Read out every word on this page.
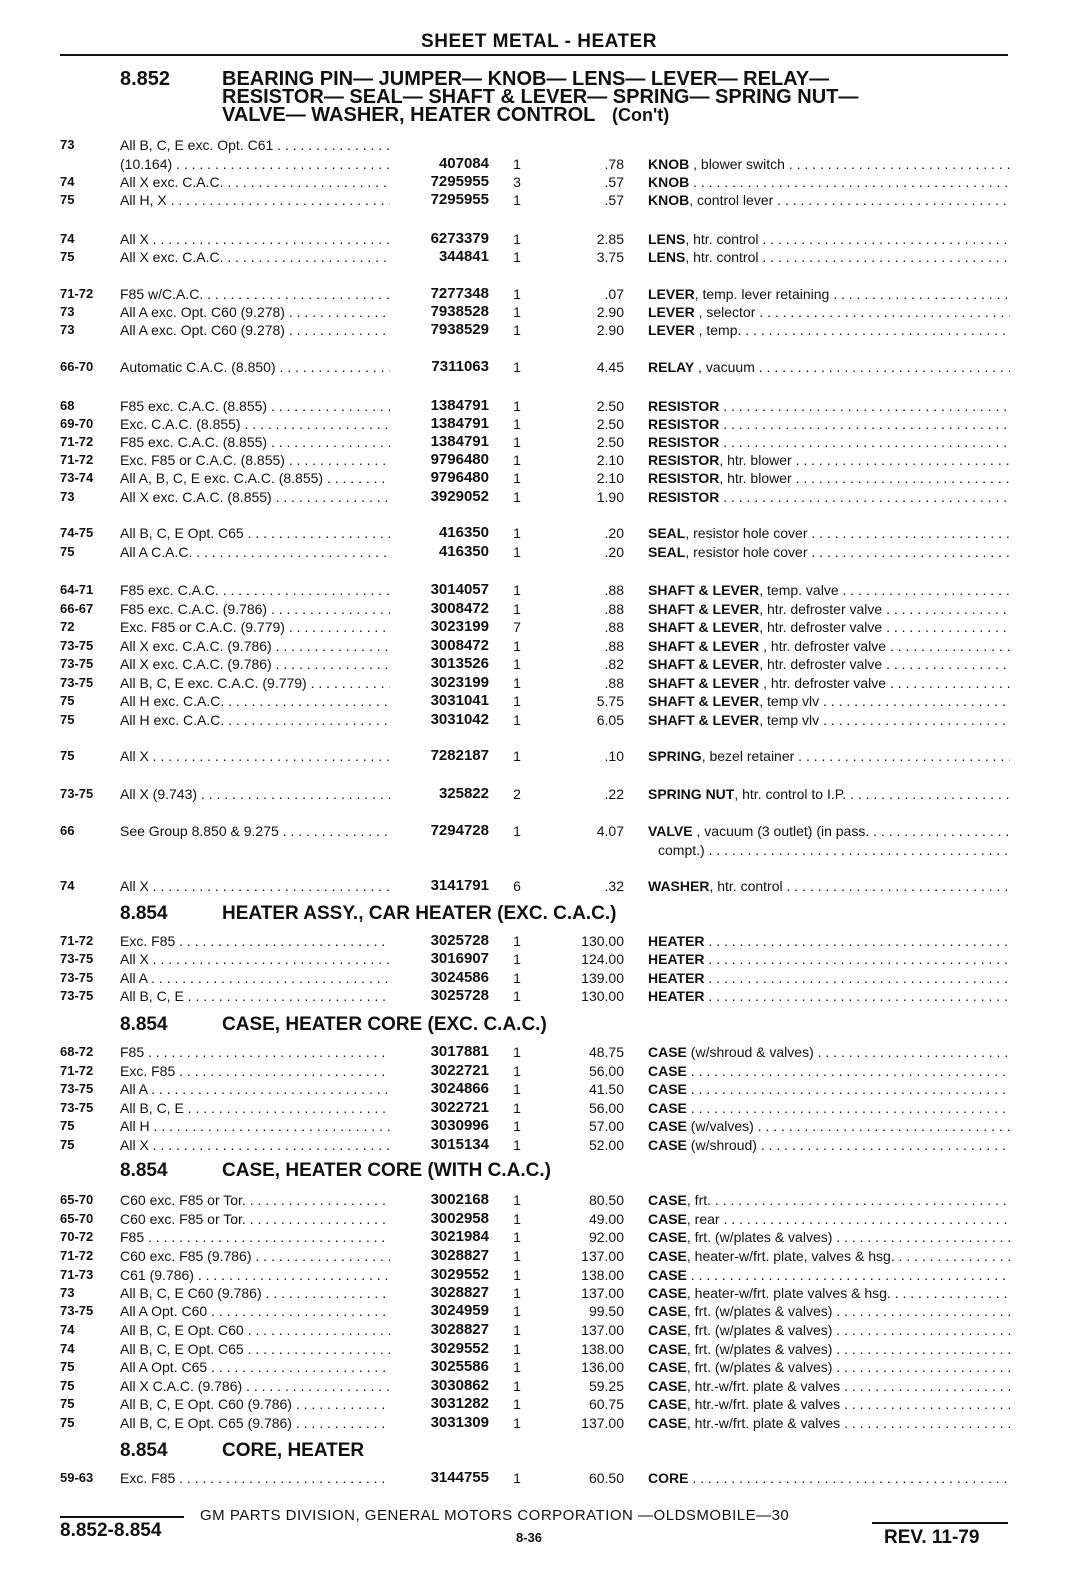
SHEET METAL - HEATER
8.852	BEARING PIN— JUMPER— KNOB— LENS— LEVER— RELAY—
RESISTOR— SEAL— SHAFT & LEVER— SPRING— SPRING NUT—
VALVE— WASHER, HEATER CONTROL (Con't)
73	All B, C, E exc. Opt. C61 . . .
(10.164) . . .	407084 1	.78 KNOB , blower switch . . .
74	All X exc. C.A.C. . . .	7295955 3	.57 KNOB . . .
75	All H, X . . .	7295955 1	.57 KNOB, control lever . . .
74	All X . . .	6273379 1	2.85 LENS, htr. control . . .
75	All X exc. C.A.C. . . .	344841 1	3.75 LENS, htr. control . . .
71-72 F85 w/C.A.C. . . .	7277348 1	.07 LEVER, temp. lever retaining . . .
73	All A exc. Opt. C60 (9.278) . . .	7938528 1	2.90 LEVER , selector . . .
73	All A exc. Opt. C60 (9.278) . . .	7938529 1	2.90 LEVER , temp. . . .
66-70 Automatic C.A.C. (8.850) . . .	7311063 1	4.45 RELAY , vacuum . . .
68	F85 exc. C.A.C. (8.855) . . .	1384791 1	2.50 RESISTOR . . .
69-70 Exc. C.A.C. (8.855) . . .	1384791 1	2.50 RESISTOR . . .
71-72 F85 exc. C.A.C. (8.855) . . .	1384791 1	2.50 RESISTOR . . .
71-72 Exc. F85 or C.A.C. (8.855) . . .	9796480 1	2.10 RESISTOR, htr. blower . . .
73-74 All A, B, C, E exc. C.A.C. (8.855) . . .	9796480 1	2.10 RESISTOR, htr. blower . . .
73	All X exc. C.A.C. (8.855) . . .	3929052 1	1.90 RESISTOR . . .
74-75 All B, C, E Opt. C65 . . .	416350 1	.20 SEAL, resistor hole cover . . .
75	All A C.A.C. . . .	416350 1	.20 SEAL, resistor hole cover . . .
64-71 F85 exc. C.A.C. . . .	3014057 1	.88 SHAFT & LEVER, temp. valve . . .
66-67 F85 exc. C.A.C. (9.786) . . .	3008472 1	.88 SHAFT & LEVER, htr. defroster valve . . .
72	Exc. F85 or C.A.C. (9.779) . . .	3023199 7	.88 SHAFT & LEVER, htr. defroster valve . . .
73-75 All X exc. C.A.C. (9.786) . . .	3008472 1	.88 SHAFT & LEVER , htr. defroster valve . . .
73-75 All X exc. C.A.C. (9.786) . . .	3013526 1	.82 SHAFT & LEVER, htr. defroster valve . . .
73-75 All B, C, E exc. C.A.C. (9.779) . . .	3023199 1	.88 SHAFT & LEVER , htr. defroster valve . . .
75	All H exc. C.A.C. . . .	3031041 1	5.75 SHAFT & LEVER, temp vlv . . .
75	All H exc. C.A.C. . . .	3031042 1	6.05 SHAFT & LEVER, temp vlv . . .
75	All X . . .	7282187 1	.10 SPRING, bezel retainer . . .
73-75 All X (9.743) . . .	325822 2	.22 SPRING NUT, htr. control to I.P. . . .
66	See Group 8.850 & 9.275 . . .	7294728 1	4.07 VALVE , vacuum (3 outlet) (in pass. . . .
compt.) . . .
74	All X . . .	3141791 6	.32 WASHER, htr. control . . .
8.854	HEATER ASSY., CAR HEATER (EXC. C.A.C.)
71-72 Exc. F85 . . .	3025728 1	130.00 HEATER . . .
73-75 All X . . .	3016907 1	124.00 HEATER . . .
73-75 All A . . .	3024586 1	139.00 HEATER . . .
73-75 All B, C, E . . .	3025728 1	130.00 HEATER . . .
8.854	CASE, HEATER CORE (EXC. C.A.C.)
68-72 F85 . . .	3017881 1	48.75 CASE (w/shroud & valves) . . .
71-72 Exc. F85 . . .	3022721 1	56.00 CASE . . .
73-75 All A . . .	3024866 1	41.50 CASE . . .
73-75 All B, C, E . . .	3022721 1	56.00 CASE . . .
75	All H . . .	3030996 1	57.00 CASE (w/valves) . . .
75	All X . . .	3015134 1	52.00 CASE (w/shroud) . . .
8.854	CASE, HEATER CORE (WITH C.A.C.)
65-70 C60 exc. F85 or Tor. . . .	3002168 1	80.50 CASE, frt. . . .
65-70 C60 exc. F85 or Tor. . . .	3002958 1	49.00 CASE, rear . . .
70-72 F85 . . .	3021984 1	92.00 CASE, frt. (w/plates & valves) . . .
71-72 C60 exc. F85 (9.786) . . .	3028827 1	137.00 CASE, heater-w/frt. plate, valves & hsg. . . .
71-73 C61 (9.786) . . .	3029552 1	138.00 CASE . . .
73	All B, C, E C60 (9.786) . . .	3028827 1	137.00 CASE, heater-w/frt. plate valves & hsg. . . .
73-75 All A Opt. C60 . . .	3024959 1	99.50 CASE, frt. (w/plates & valves) . . .
74	All B, C, E Opt. C60 . . .	3028827 1	137.00 CASE, frt. (w/plates & valves) . . .
74	All B, C, E Opt. C65 . . .	3029552 1	138.00 CASE, frt. (w/plates & valves) . . .
75	All A Opt. C65 . . .	3025586 1	136.00 CASE, frt. (w/plates & valves) . . .
75	All X C.A.C. (9.786) . . .	3030862 1	59.25 CASE, htr.-w/frt. plate & valves . . .
75	All B, C, E Opt. C60 (9.786) . . .	3031282 1	60.75 CASE, htr.-w/frt. plate & valves . . .
75	All B, C, E Opt. C65 (9.786) . . .	3031309 1	137.00 CASE, htr.-w/frt. plate & valves . . .
8.854	CORE, HEATER
59-63 Exc. F85 . . .	3144755 1	60.50 CORE . . .
GM PARTS DIVISION, GENERAL MOTORS CORPORATION —OLDSMOBILE—30
8.852-8.854	8-36	REV. 11-79
